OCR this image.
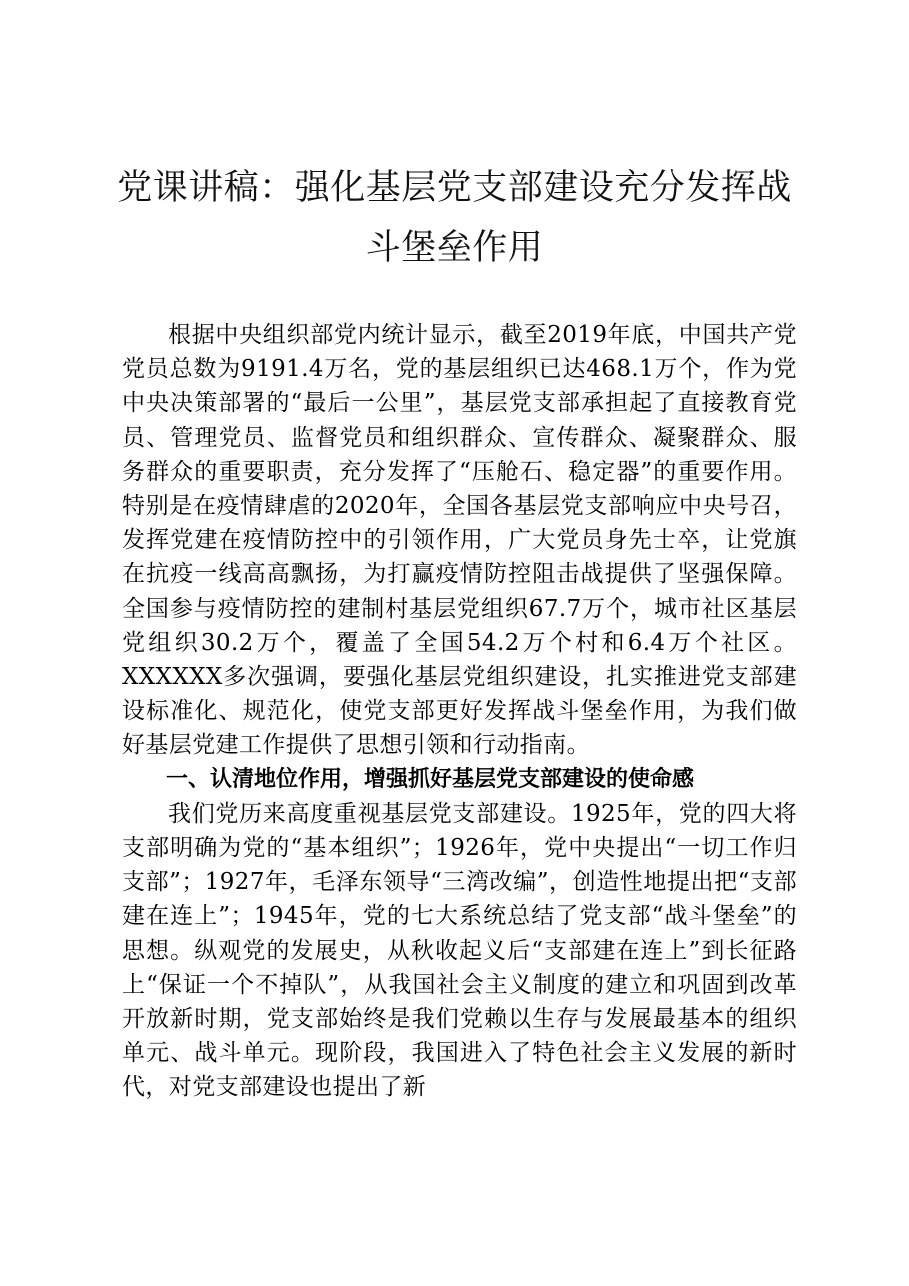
党课讲稿：强化基层党支部建设充分发挥战斗堡垒作用

根据中央组织部党内统计显示，截至2019年底，中国共产党党员总数为9191.4万名，党的基层组织已达468.1万个，作为党中央决策部署的“最后一公里”，基层党支部承担起了直接教育党员、管理党员、监督党员和组织群众、宣传群众、凝聚群众、服务群众的重要职责，充分发挥了“压舱石、稳定器”的重要作用。特别是在疫情肆虐的2020年，全国各基层党支部响应中央号召，发挥党建在疫情防控中的引领作用，广大党员身先士卒，让党旗在抗疫一线高高飘扬，为打赢疫情防控阻击战提供了坚强保障。全国参与疫情防控的建制村基层党组织67.7万个，城市社区基层党组织30.2万个，覆盖了全国54.2万个村和6.4万个社区。XXXXXX多次强调，要强化基层党组织建设，扎实推进党支部建设标准化、规范化，使党支部更好发挥战斗堡垒作用，为我们做好基层党建工作提供了思想引领和行动指南。

一、认清地位作用，增强抓好基层党支部建设的使命感

我们党历来高度重视基层党支部建设。1925年，党的四大将支部明确为党的“基本组织”；1926年，党中央提出“一切工作归支部”；1927年，毛泽东领导“三湾改编”，创造性地提出把“支部建在连上”；1945年，党的七大系统总结了党支部“战斗堡垒”的思想。纵观党的发展史，从秋收起义后“支部建在连上”到长征路上“保证一个不掉队”，从我国社会主义制度的建立和巩固到改革开放新时期，党支部始终是我们党赖以生存与发展最基本的组织单元、战斗单元。现阶段，我国进入了特色社会主义发展的新时代，对党支部建设也提出了新
